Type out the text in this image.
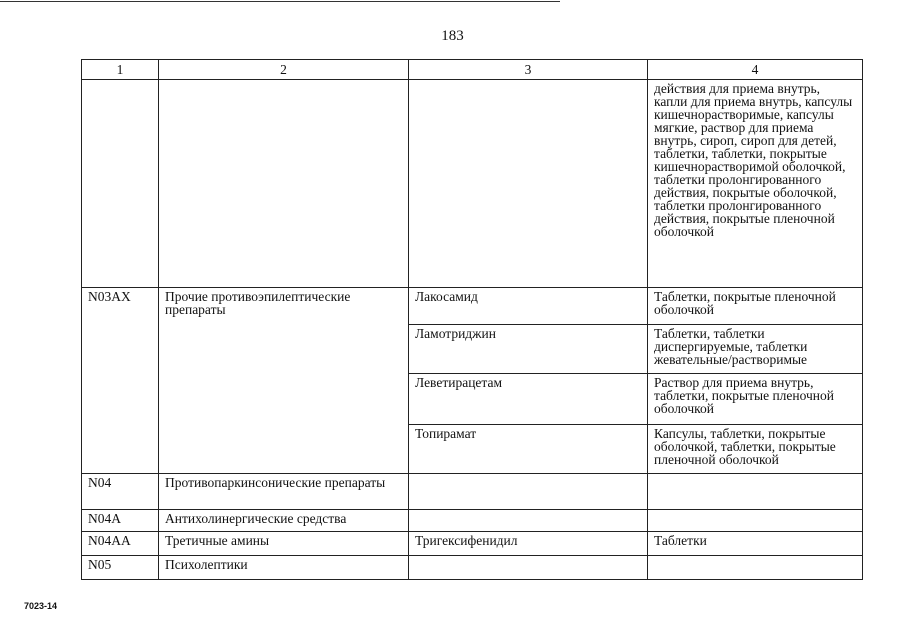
183
1	2	3	4
			действия для приема внутрь, капли для приема внутрь, капсулы кишечнорастворимые, капсулы мягкие, раствор для приема внутрь, сироп, сироп для детей, таблетки, таблетки, покрытые кишечнорастворимой оболочкой, таблетки пролонгированного действия, покрытые оболочкой, таблетки пролонгированного действия, покрытые пленочной оболочкой
N03AX	Прочие противоэпилептические препараты	Лакосамид	Таблетки, покрытые пленочной оболочкой
		Ламотриджин	Таблетки, таблетки диспергируемые, таблетки жевательные/растворимые
		Леветирацетам	Раствор для приема внутрь, таблетки, покрытые пленочной оболочкой
		Топирамат	Капсулы, таблетки, покрытые оболочкой, таблетки, покрытые пленочной оболочкой
N04	Противопаркинсонические препараты		
N04A	Антихолинергические средства		
N04AA	Третичные амины	Тригексифенидил	Таблетки
N05	Психолептики		
7023-14
